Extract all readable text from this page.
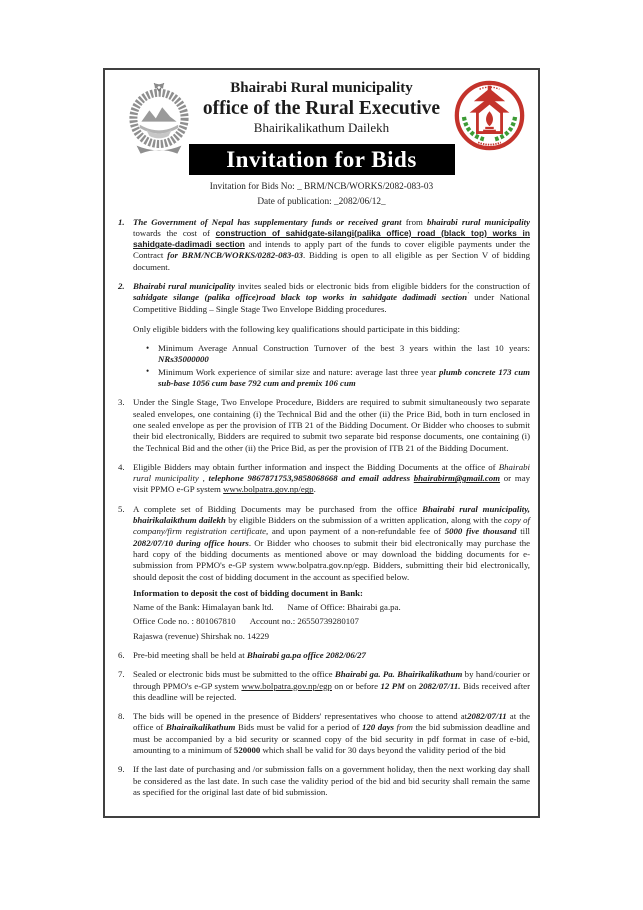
Bhairabi Rural municipality
office of the Rural Executive
Bhairikalikathum Dailekh
Invitation for Bids
Invitation for Bids No: _ BRM/NCB/WORKS/2082-083-03
Date of publication: _2082/06/12_
1. The Government of Nepal has supplementary funds or received grant from bhairabi rural municipality towards the cost of construction of sahidgate-silangi(palika office) road (black top) works in sahidgate-dadimadi section and intends to apply part of the funds to cover eligible payments under the Contract for BRM/NCB/WORKS/0282-083-03. Bidding is open to all eligible as per Section V of bidding document.
2. Bhairabi rural municipality invites sealed bids or electronic bids from eligible bidders for the construction of sahidgate silange (palika office)road black top works in sahidgate dadimadi section' under National Competitive Bidding – Single Stage Two Envelope Bidding procedures.
Only eligible bidders with the following key qualifications should participate in this bidding:
• Minimum Average Annual Construction Turnover of the best 3 years within the last 10 years: NRs35000000
• Minimum Work experience of similar size and nature: average last three year plumb concrete 173 cum sub-base 1056 cum base 792 cum and premix 106 cum
3. Under the Single Stage, Two Envelope Procedure, Bidders are required to submit simultaneously two separate sealed envelopes, one containing (i) the Technical Bid and the other (ii) the Price Bid, both in turn enclosed in one sealed envelope as per the provision of ITB 21 of the Bidding Document. Or Bidder who chooses to submit their bid electronically, Bidders are required to submit two separate bid response documents, one containing (i) the Technical Bid and the other (ii) the Price Bid, as per the provision of ITB 21 of the Bidding Document.
4. Eligible Bidders may obtain further information and inspect the Bidding Documents at the office of Bhairabi rural municipality , telephone 9867871753,9858068668 and email address bhairabirm@gmail.com or may visit PPMO e-GP system www.bolpatra.gov.np/egp.
5. A complete set of Bidding Documents may be purchased from the office Bhairabi rural municipality, bhairikalaikthum dailekh by eligible Bidders on the submission of a written application, along with the copy of company/firm registration certificate, and upon payment of a non-refundable fee of 5000 five thousand till 2082/07/10 during office hours. Or Bidder who chooses to submit their bid electronically may purchase the hard copy of the bidding documents as mentioned above or may download the bidding documents for e-submission from PPMO's e-GP system www.bolpatra.gov.np/egp. Bidders, submitting their bid electronically, should deposit the cost of bidding document in the account as specified below.
Information to deposit the cost of bidding document in Bank:
Name of the Bank: Himalayan bank ltd. Name of Office: Bhairabi ga.pa.
Office Code no. : 801067810 Account no.: 26550739280107
Rajaswa (revenue) Shirshak no. 14229
6. Pre-bid meeting shall be held at Bhairabi ga.pa office 2082/06/27
7. Sealed or electronic bids must be submitted to the office Bhairabi ga. Pa. Bhairikalikathum by hand/courier or through PPMO's e-GP system www.bolpatra.gov.np/egp on or before 12 PM on 2082/07/11. Bids received after this deadline will be rejected.
8. The bids will be opened in the presence of Bidders' representatives who choose to attend at2082/07/11 at the office of Bhairaikalikathum Bids must be valid for a period of 120 days from the bid submission deadline and must be accompanied by a bid security or scanned copy of the bid security in pdf format in case of e-bid, amounting to a minimum of 520000 which shall be valid for 30 days beyond the validity period of the bid
9. If the last date of purchasing and /or submission falls on a government holiday, then the next working day shall be considered as the last date. In such case the validity period of the bid and bid security shall remain the same as specified for the original last date of bid submission.
